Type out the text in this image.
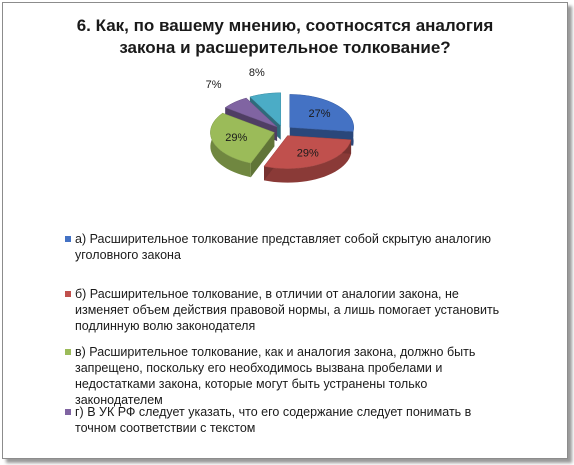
6. Как, по вашему мнению, соотносятся аналогия
закона и расшерительное толкование?
27%
29%
29%
7%
8%
а) Расширительное толкование представляет собой скрытую аналогию уголовного закона
б) Расширительное толкование, в отличии от аналогии закона, не изменяет объем действия правовой нормы, а лишь помогает установить подлинную волю законодателя
в) Расширительное толкование, как и аналогия закона, должно быть запрещено, поскольку его необходимось вызвана пробелами и недостатками закона, которые могут быть устранены только законодателем
г) В УК РФ следует указать, что его содержание следует понимать в точном соответствии с текстом
